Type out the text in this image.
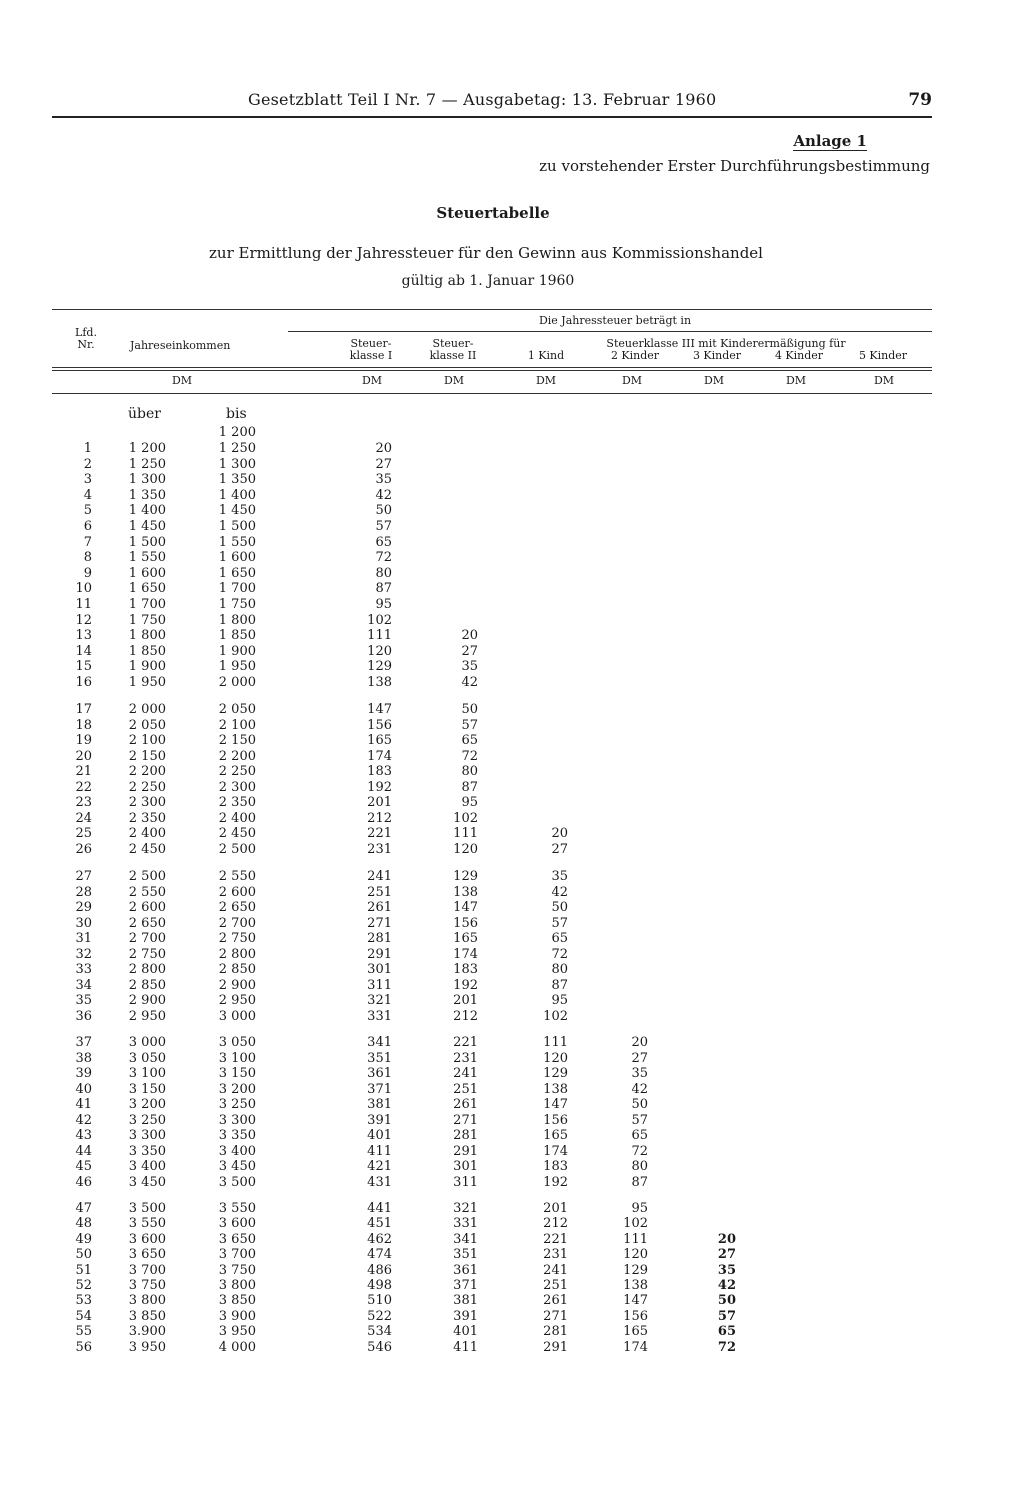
Gesetzblatt Teil I Nr. 7 — Ausgabetag: 13. Februar 1960	79
Anlage 1
zu vorstehender Erster Durchführungsbestimmung
Steuertabelle
zur Ermittlung der Jahressteuer für den Gewinn aus Kommissionshandel
gültig ab 1. Januar 1960
Lfd. Nr.	Jahreseinkommen
Die Jahressteuer beträgt in
Steuer- klasse I
Steuer- klasse II
Steuerklasse III mit Kinderermäßigung für
1 Kind	2 Kinder	3 Kinder	4 Kinder	5 Kinder
DM	DM	DM	DM	DM	DM	DM	DM
über	bis
1 200
1	1 200	1 250	20
2	1 250	1 300	27
3	1 300	1 350	35
4	1 350	1 400	42
5	1 400	1 450	50
6	1 450	1 500	57
7	1 500	1 550	65
8	1 550	1 600	72
9	1 600	1 650	80
10	1 650	1 700	87
11	1 700	1 750	95
12	1 750	1 800	102
13	1 800	1 850	111	20
14	1 850	1 900	120	27
15	1 900	1 950	129	35
16	1 950	2 000	138	42
17	2 000	2 050	147	50
18	2 050	2 100	156	57
19	2 100	2 150	165	65
20	2 150	2 200	174	72
21	2 200	2 250	183	80
22	2 250	2 300	192	87
23	2 300	2 350	201	95
24	2 350	2 400	212	102
25	2 400	2 450	221	111	20
26	2 450	2 500	231	120	27
27	2 500	2 550	241	129	35
28	2 550	2 600	251	138	42
29	2 600	2 650	261	147	50
30	2 650	2 700	271	156	57
31	2 700	2 750	281	165	65
32	2 750	2 800	291	174	72
33	2 800	2 850	301	183	80
34	2 850	2 900	311	192	87
35	2 900	2 950	321	201	95
36	2 950	3 000	331	212	102
37	3 000	3 050	341	221	111	20
38	3 050	3 100	351	231	120	27
39	3 100	3 150	361	241	129	35
40	3 150	3 200	371	251	138	42
41	3 200	3 250	381	261	147	50
42	3 250	3 300	391	271	156	57
43	3 300	3 350	401	281	165	65
44	3 350	3 400	411	291	174	72
45	3 400	3 450	421	301	183	80
46	3 450	3 500	431	311	192	87
47	3 500	3 550	441	321	201	95
48	3 550	3 600	451	331	212	102
49	3 600	3 650	462	341	221	111	20
50	3 650	3 700	474	351	231	120	27
51	3 700	3 750	486	361	241	129	35
52	3 750	3 800	498	371	251	138	42
53	3 800	3 850	510	381	261	147	50
54	3 850	3 900	522	391	271	156	57
55	3.900	3 950	534	401	281	165	65
56	3 950	4 000	546	411	291	174	72
